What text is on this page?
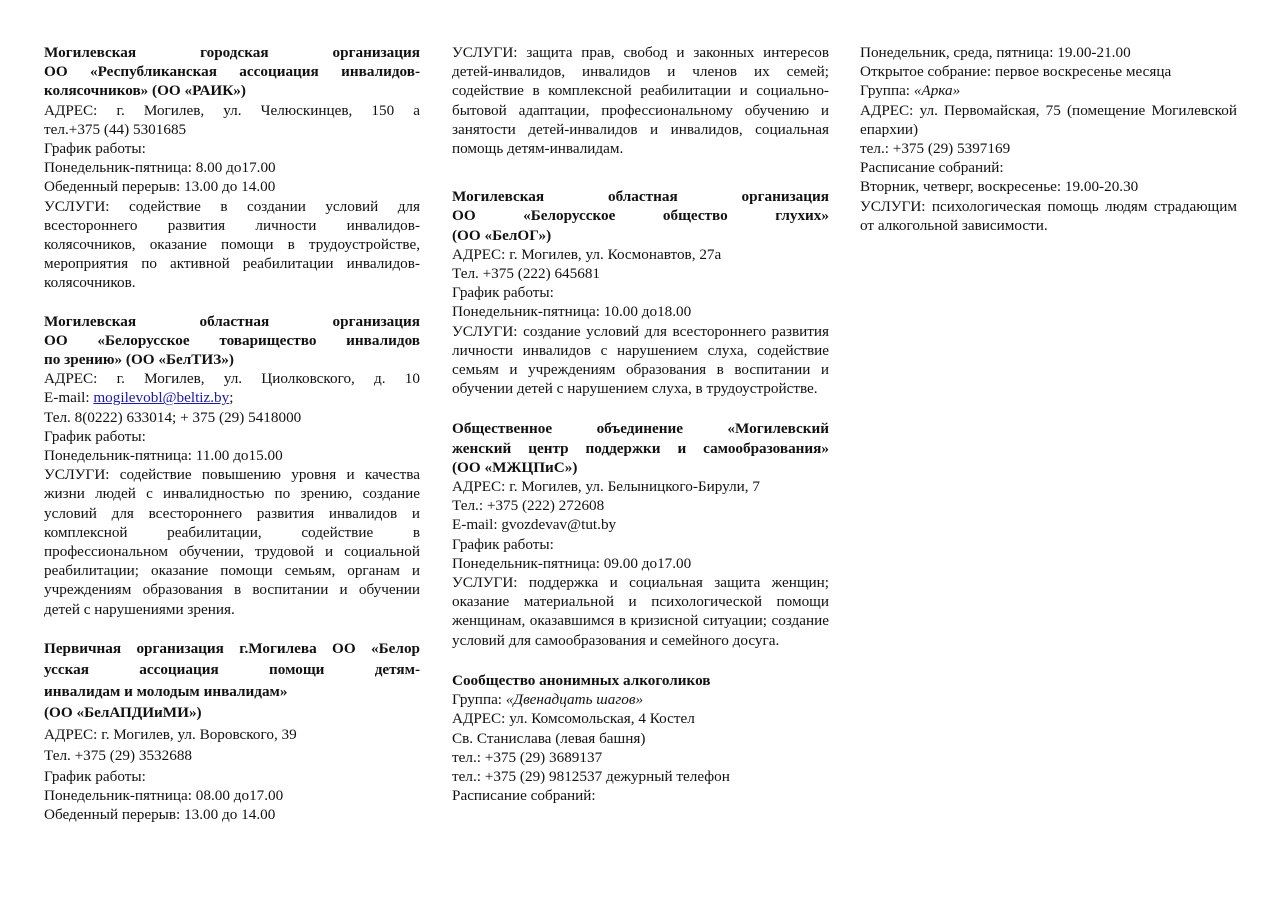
Могилевская городская организация
ОО «Республиканская ассоциация инвалидов-
колясочников» (ОО «РАИК»)
АДРЕС: г. Могилев, ул. Челюскинцев, 150 а
тел.+375 (44) 5301685
График работы:
Понедельник-пятница: 8.00 до17.00
Обеденный перерыв: 13.00 до 14.00
УСЛУГИ: содействие в создании условий для всестороннего развития личности инвалидов-колясочников, оказание помощи в трудоустройстве, мероприятия по активной реабилитации инвалидов-колясочников.
Могилевская областная организация
ОО «Белорусское товарищество инвалидов
по зрению» (ОО «БелТИЗ»)
АДРЕС: г. Могилев, ул. Циолковского, д. 10
E-mail: mogilevobl@beltiz.by;
Тел. 8(0222) 633014; + 375 (29) 5418000
График работы:
Понедельник-пятница: 11.00 до15.00
УСЛУГИ: содействие повышению уровня и качества жизни людей с инвалидностью по зрению, создание условий для всестороннего развития инвалидов и комплексной реабилитации, содействие в профессиональном обучении, трудовой и социальной реабилитации; оказание помощи семьям, органам и учреждениям образования в воспитании и обучении детей с нарушениями зрения.
Первичная организация г.Могилева ОО «Белор
усская ассоциация помощи детям-
инвалидам и молодым инвалидам»
(ОО «БелАПДИиМИ»)
АДРЕС: г. Могилев, ул. Воровского, 39
Тел. +375 (29) 3532688
График работы:
Понедельник-пятница: 08.00 до17.00
Обеденный перерыв: 13.00 до 14.00
УСЛУГИ: защита прав, свобод и законных интересов детей-инвалидов, инвалидов и членов их семей; содействие в комплексной реабилитации и социально-бытовой адаптации, профессиональному обучению и занятости детей-инвалидов и инвалидов, социальная помощь детям-инвалидам.
Могилевская областная организация
ОО «Белорусское общество глухих»
(ОО «БелОГ»)
АДРЕС: г. Могилев, ул. Космонавтов, 27а
Тел. +375 (222) 645681
График работы:
Понедельник-пятница: 10.00 до18.00
УСЛУГИ: создание условий для всестороннего развития личности инвалидов с нарушением слуха, содействие семьям и учреждениям образования в воспитании и обучении детей с нарушением слуха, в трудоустройстве.
Общественное объединение «Могилевский
женский центр поддержки и самообразования»
(ОО «МЖЦПиС»)
АДРЕС: г. Могилев, ул. Белыницкого-Бирули, 7
Тел.: +375 (222) 272608
E-mail: gvozdevav@tut.by
График работы:
Понедельник-пятница: 09.00 до17.00
УСЛУГИ: поддержка и социальная защита женщин; оказание материальной и психологической помощи женщинам, оказавшимся в кризисной ситуации; создание условий для самообразования и семейного досуга.
Сообщество анонимных алкоголиков
Группа: «Двенадцать шагов»
АДРЕС: ул. Комсомольская, 4 Костел
Св. Станислава (левая башня)
тел.: +375 (29) 3689137
тел.: +375 (29) 9812537 дежурный телефон
Расписание собраний:
Понедельник, среда, пятница: 19.00-21.00
Открытое собрание: первое воскресенье месяца
Группа: «Арка»
АДРЕС: ул. Первомайская, 75 (помещение Могилевской епархии)
тел.: +375 (29) 5397169
Расписание собраний:
Вторник, четверг, воскресенье: 19.00-20.30
УСЛУГИ: психологическая помощь людям страдающим от алкогольной зависимости.
